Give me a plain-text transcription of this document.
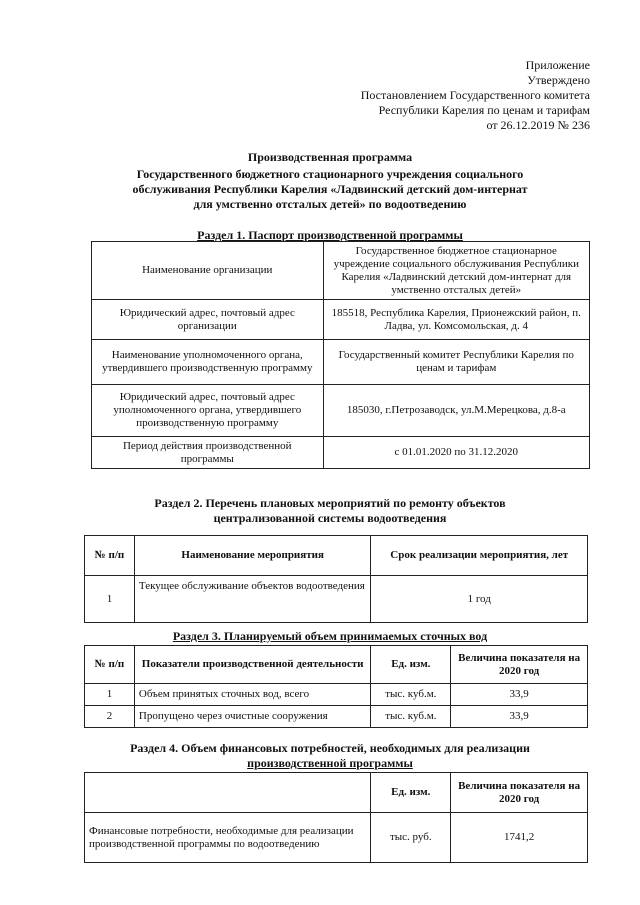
Приложение
Утверждено
Постановлением Государственного комитета
Республики Карелия по ценам и тарифам
от 26.12.2019 № 236
Производственная программа
Государственного бюджетного стационарного учреждения социального
обслуживания Республики Карелия «Ладвинский детский дом-интернат
для умственно отсталых детей» по водоотведению
Раздел 1. Паспорт производственной программы
Наименование организации	Государственное бюджетное стационарное учреждение социального обслуживания Республики Карелия «Ладвинский детский дом-интернат для умственно отсталых детей»
Юридический адрес, почтовый адрес организации	185518, Республика Карелия, Прионежский район, п. Ладва, ул. Комсомольская, д. 4
Наименование уполномоченного органа, утвердившего производственную программу	Государственный комитет Республики Карелия по ценам и тарифам
Юридический адрес, почтовый адрес уполномоченного органа, утвердившего производственную программу	185030, г.Петрозаводск, ул.М.Мерецкова, д.8-а
Период действия производственной программы	с 01.01.2020 по 31.12.2020
Раздел 2. Перечень плановых мероприятий по ремонту объектов
централизованной системы водоотведения
№ п/п	Наименование мероприятия	Срок реализации мероприятия, лет
1	Текущее обслуживание объектов водоотведения	1 год
Раздел 3. Планируемый объем принимаемых сточных вод
№ п/п	Показатели производственной деятельности	Ед. изм.	Величина показателя на 2020 год
1	Объем принятых сточных вод, всего	тыс. куб.м.	33,9
2	Пропущено через очистные сооружения	тыс. куб.м.	33,9
Раздел 4. Объем финансовых потребностей, необходимых для реализации
производственной программы
	Ед. изм.	Величина показателя на 2020 год
Финансовые потребности, необходимые для реализации производственной программы по водоотведению	тыс. руб.	1741,2
